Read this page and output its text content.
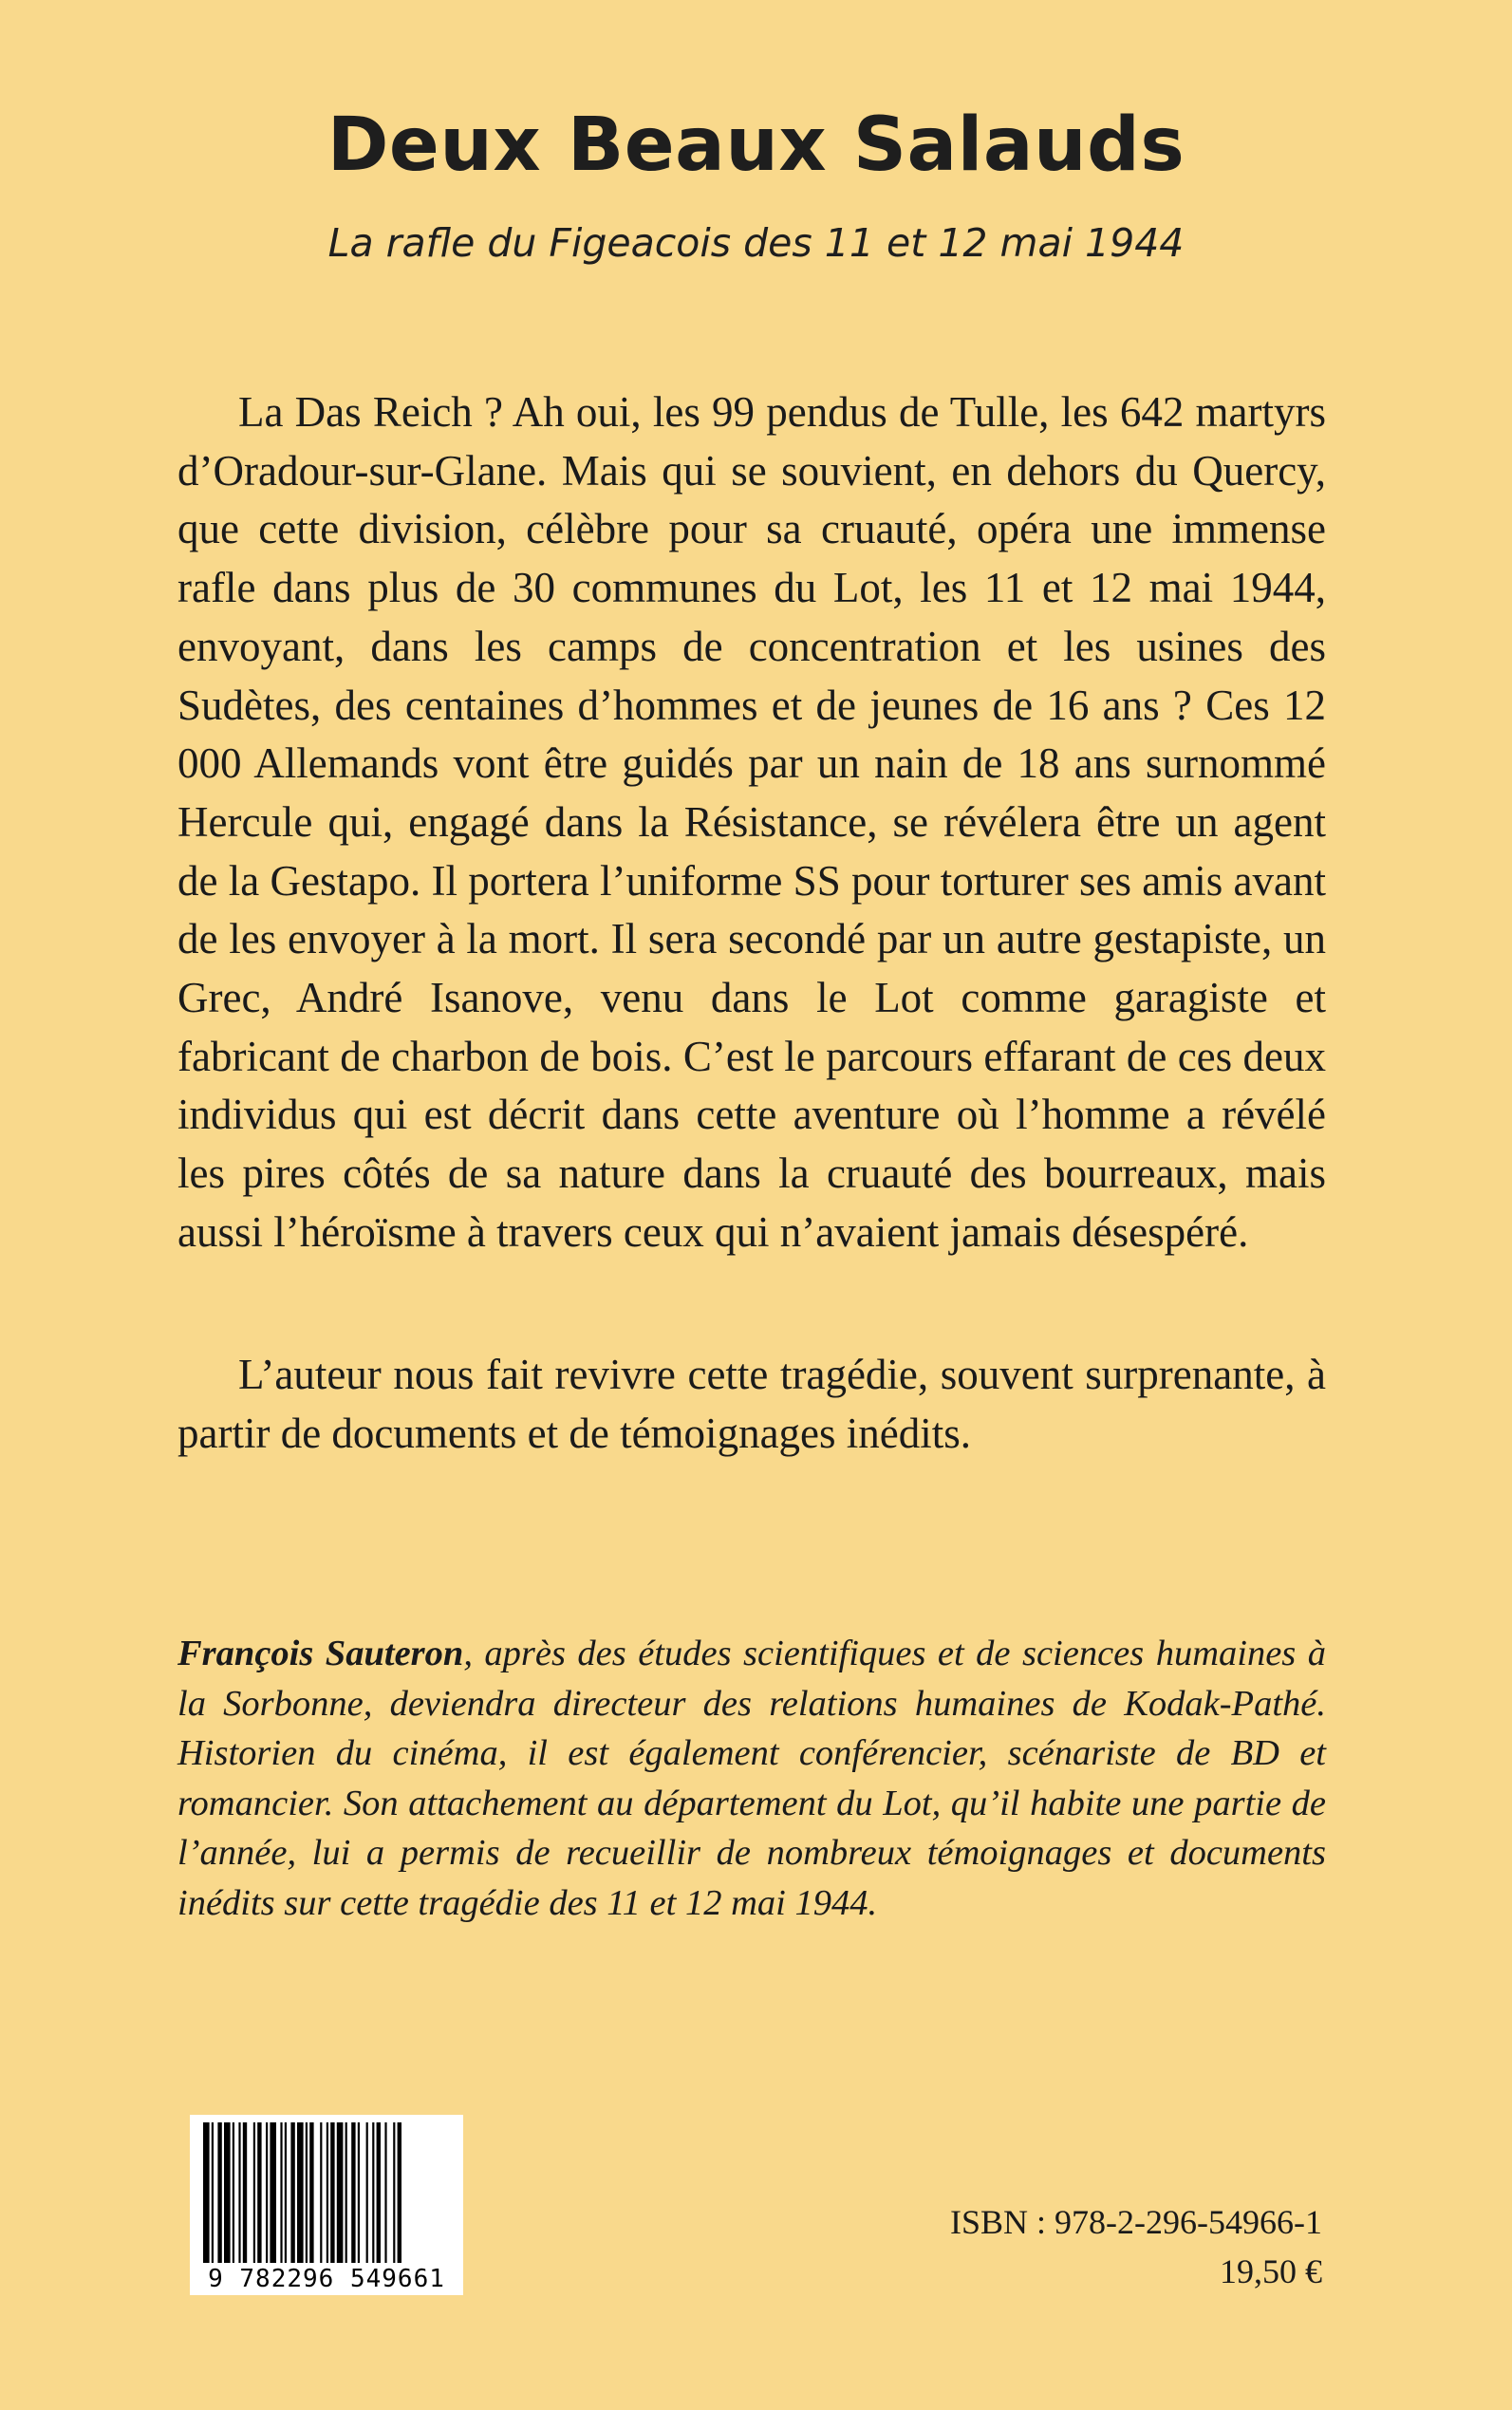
Deux Beaux Salauds
La rafle du Figeacois des 11 et 12 mai 1944

La Das Reich ? Ah oui, les 99 pendus de Tulle, les 642 martyrs d’Oradour-sur-Glane. Mais qui se souvient, en dehors du Quercy, que cette division, célèbre pour sa cruauté, opéra une immense rafle dans plus de 30 communes du Lot, les 11 et 12 mai 1944, envoyant, dans les camps de concentration et les usines des Sudètes, des centaines d’hommes et de jeunes de 16 ans ? Ces 12 000 Allemands vont être guidés par un nain de 18 ans surnommé Hercule qui, engagé dans la Résistance, se révélera être un agent de la Gestapo. Il portera l’uniforme SS pour torturer ses amis avant de les envoyer à la mort. Il sera secondé par un autre gestapiste, un Grec, André Isanove, venu dans le Lot comme garagiste et fabricant de charbon de bois. C’est le parcours effarant de ces deux individus qui est décrit dans cette aventure où l’homme a révélé les pires côtés de sa nature dans la cruauté des bourreaux, mais aussi l’héroïsme à travers ceux qui n’avaient jamais désespéré.

L’auteur nous fait revivre cette tragédie, souvent surprenante, à partir de documents et de témoignages inédits.

François Sauteron, après des études scientifiques et de sciences humaines à la Sorbonne, deviendra directeur des relations humaines de Kodak-Pathé. Historien du cinéma, il est également conférencier, scénariste de BD et romancier. Son attachement au département du Lot, qu’il habite une partie de l’année, lui a permis de recueillir de nombreux témoignages et documents inédits sur cette tragédie des 11 et 12 mai 1944.

9 782296 549661
ISBN : 978-2-296-54966-1
19,50 €
